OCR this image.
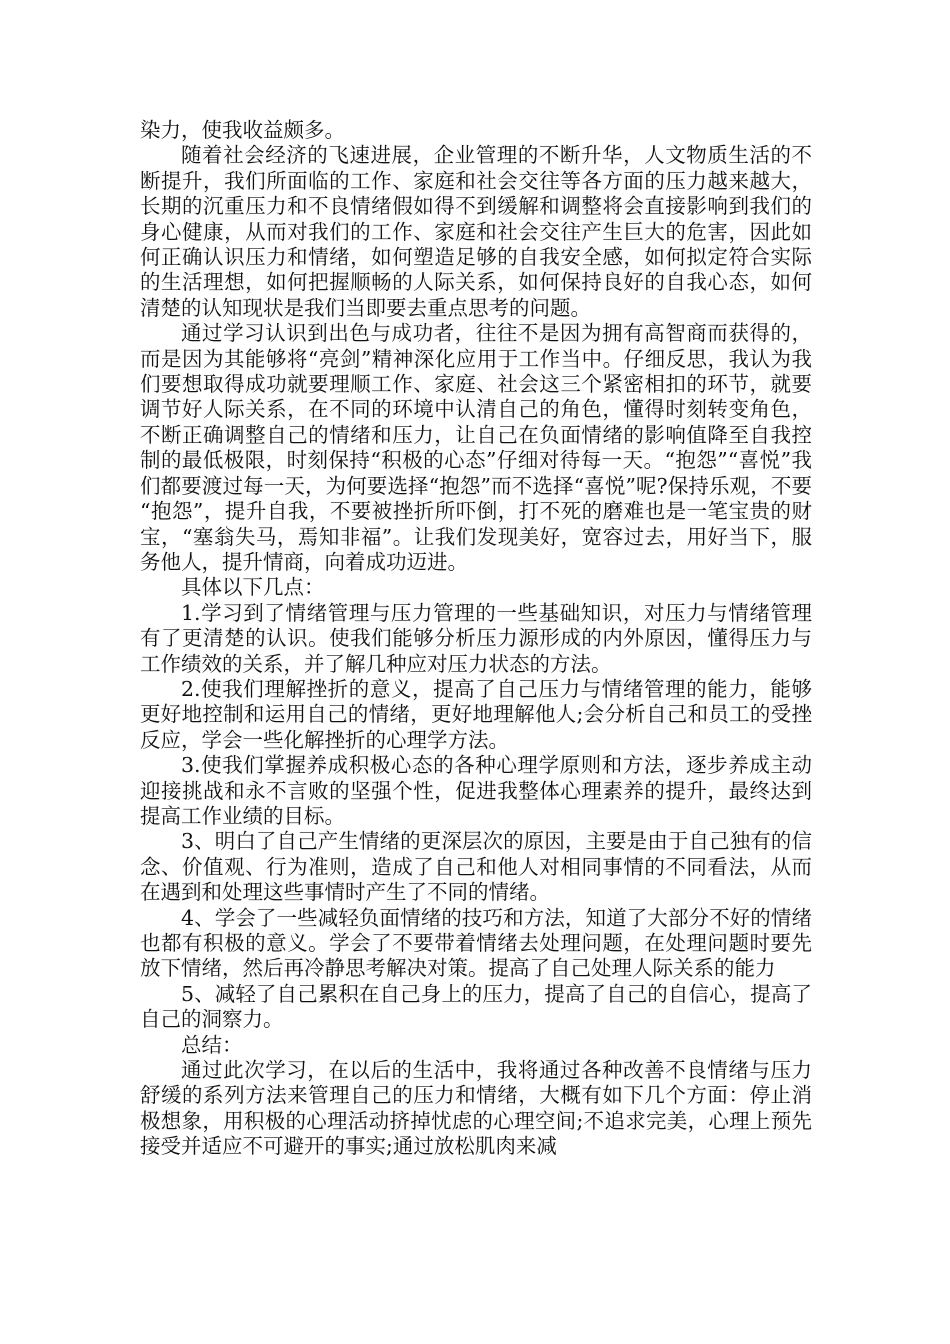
染力，使我收益颇多。

随着社会经济的飞速进展，企业管理的不断升华，人文物质生活的不断提升，我们所面临的工作、家庭和社会交往等各方面的压力越来越大，长期的沉重压力和不良情绪假如得不到缓解和调整将会直接影响到我们的身心健康，从而对我们的工作、家庭和社会交往产生巨大的危害，因此如何正确认识压力和情绪，如何塑造足够的自我安全感，如何拟定符合实际的生活理想，如何把握顺畅的人际关系，如何保持良好的自我心态，如何清楚的认知现状是我们当即要去重点思考的问题。

通过学习认识到出色与成功者，往往不是因为拥有高智商而获得的，而是因为其能够将“亮剑”精神深化应用于工作当中。仔细反思，我认为我们要想取得成功就要理顺工作、家庭、社会这三个紧密相扣的环节，就要调节好人际关系，在不同的环境中认清自己的角色，懂得时刻转变角色，不断正确调整自己的情绪和压力，让自己在负面情绪的影响值降至自我控制的最低极限，时刻保持“积极的心态”仔细对待每一天。“抱怨”“喜悦”我们都要渡过每一天，为何要选择“抱怨”而不选择“喜悦”呢?保持乐观，不要“抱怨”，提升自我，不要被挫折所吓倒，打不死的磨难也是一笔宝贵的财宝，“塞翁失马，焉知非福”。让我们发现美好，宽容过去，用好当下，服务他人，提升情商，向着成功迈进。

具体以下几点：

1.学习到了情绪管理与压力管理的一些基础知识，对压力与情绪管理有了更清楚的认识。使我们能够分析压力源形成的内外原因，懂得压力与工作绩效的关系，并了解几种应对压力状态的方法。

2.使我们理解挫折的意义，提高了自己压力与情绪管理的能力，能够更好地控制和运用自己的情绪，更好地理解他人;会分析自己和员工的受挫反应，学会一些化解挫折的心理学方法。

3.使我们掌握养成积极心态的各种心理学原则和方法，逐步养成主动迎接挑战和永不言败的坚强个性，促进我整体心理素养的提升，最终达到提高工作业绩的目标。

3、明白了自己产生情绪的更深层次的原因，主要是由于自己独有的信念、价值观、行为准则，造成了自己和他人对相同事情的不同看法，从而在遇到和处理这些事情时产生了不同的情绪。

4、学会了一些减轻负面情绪的技巧和方法，知道了大部分不好的情绪也都有积极的意义。学会了不要带着情绪去处理问题，在处理问题时要先放下情绪，然后再冷静思考解决对策。提高了自己处理人际关系的能力

5、减轻了自己累积在自己身上的压力，提高了自己的自信心，提高了自己的洞察力。

总结：

通过此次学习，在以后的生活中，我将通过各种改善不良情绪与压力舒缓的系列方法来管理自己的压力和情绪，大概有如下几个方面：停止消极想象，用积极的心理活动挤掉忧虑的心理空间;不追求完美，心理上预先接受并适应不可避开的事实;通过放松肌肉来减
